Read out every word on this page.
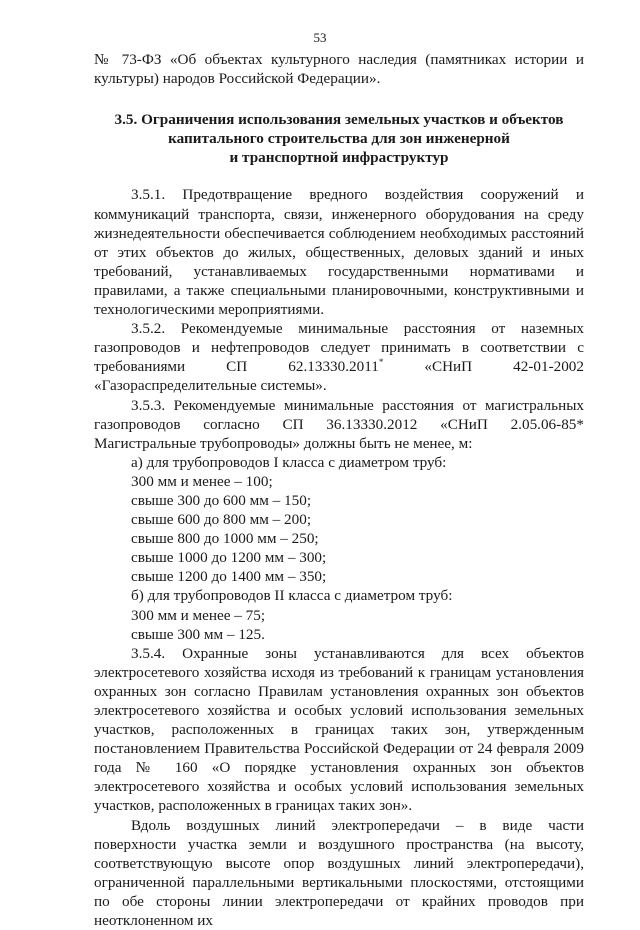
53

№ 73-ФЗ «Об объектах культурного наследия (памятниках истории и культуры) народов Российской Федерации».

3.5. Ограничения использования земельных участков и объектов
капитального строительства для зон инженерной
и транспортной инфраструктур

3.5.1. Предотвращение вредного воздействия сооружений и коммуникаций транспорта, связи, инженерного оборудования на среду жизнедеятельности обеспечивается соблюдением необходимых расстояний от этих объектов до жилых, общественных, деловых зданий и иных требований, устанавливаемых государственными нормативами и правилами, а также специальными планировочными, конструктивными и технологическими мероприятиями.

3.5.2. Рекомендуемые минимальные расстояния от наземных газопроводов и нефтепроводов следует принимать в соответствии с требованиями СП 62.13330.2011* «СНиП 42-01-2002 «Газораспределительные системы».

3.5.3. Рекомендуемые минимальные расстояния от магистральных газопроводов согласно СП 36.13330.2012 «СНиП 2.05.06-85* Магистральные трубопроводы» должны быть не менее, м:

а) для трубопроводов I класса с диаметром труб:

300 мм и менее – 100;

свыше 300 до 600 мм – 150;

свыше 600 до 800 мм – 200;

свыше 800 до 1000 мм – 250;

свыше 1000 до 1200 мм – 300;

свыше 1200 до 1400 мм – 350;

б) для трубопроводов II класса с диаметром труб:

300 мм и менее – 75;

свыше 300 мм – 125.

3.5.4. Охранные зоны устанавливаются для всех объектов электросетевого хозяйства исходя из требований к границам установления охранных зон согласно Правилам установления охранных зон объектов электросетевого хозяйства и особых условий использования земельных участков, расположенных в границах таких зон, утвержденным постановлением Правительства Российской Федерации от 24 февраля 2009 года № 160 «О порядке установления охранных зон объектов электросетевого хозяйства и особых условий использования земельных участков, расположенных в границах таких зон».

Вдоль воздушных линий электропередачи – в виде части поверхности участка земли и воздушного пространства (на высоту, соответствующую высоте опор воздушных линий электропередачи), ограниченной параллельными вертикальными плоскостями, отстоящими по обе стороны линии электропередачи от крайних проводов при неотклоненном их
